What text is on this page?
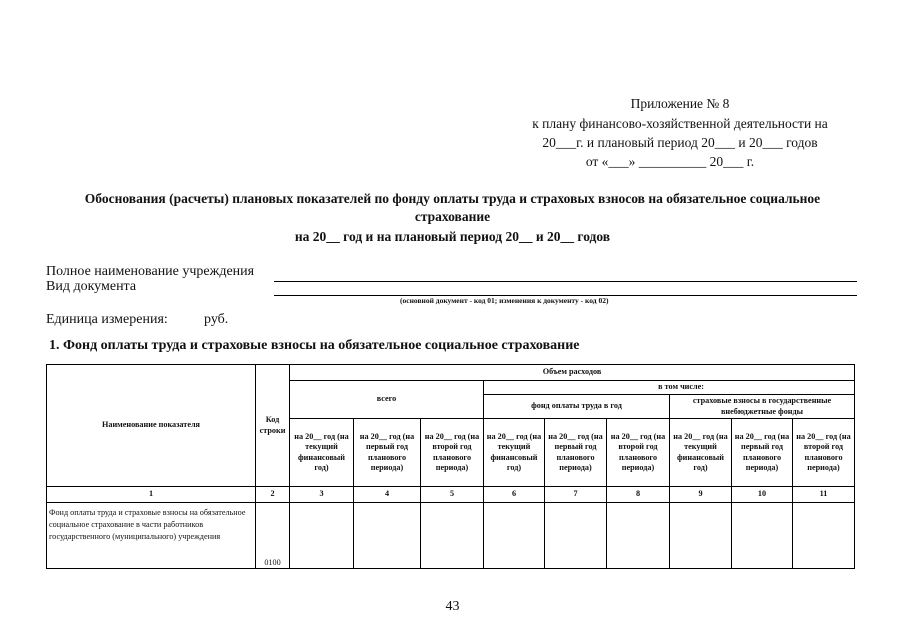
Приложение № 8
к плану финансово-хозяйственной деятельности на
20___г. и плановый период 20___ и 20___ годов
от «___» __________ 20___ г.
Обоснования (расчеты) плановых показателей по фонду оплаты труда и страховых взносов на обязательное социальное
страхование
на 20__ год и на плановый период 20__ и 20__ годов
Полное наименование учреждения
Вид документа
(основной документ - код 01; изменения к документу - код 02)
Единица измерения:	руб.
1. Фонд оплаты труда и страховые взносы на обязательное социальное страхование
Наименование показателя	Код строки	Объем расходов								
		всего			в том числе:					
					фонд оплаты труда в год			страховые взносы в государственные внебюджетные фонды		
		на 20__ год (на текущий финансовый год)	на 20__ год (на первый год планового периода)	на 20__ год (на второй год планового периода)	на 20__ год (на текущий финансовый год)	на 20__ год (на первый год планового периода)	на 20__ год (на второй год планового периода)	на 20__ год (на текущий финансовый год)	на 20__ год (на первый год планового периода)	на 20__ год (на второй год планового периода)
1	2	3	4	5	6	7	8	9	10	11
Фонд оплаты труда и страховые взносы на обязательное социальное страхование в части работников государственного (муниципального) учреждения	0100									
43
